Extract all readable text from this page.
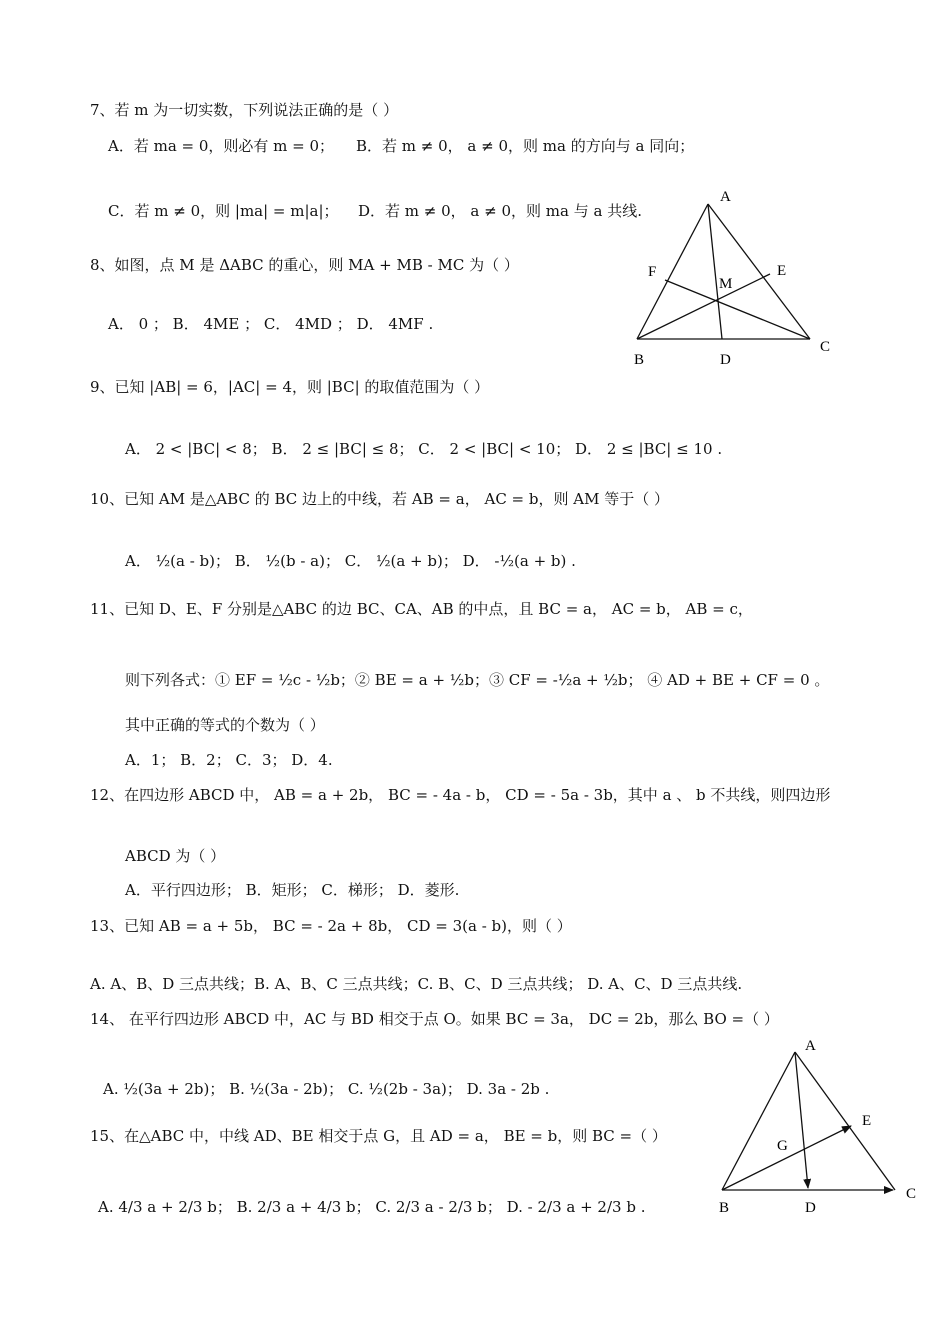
7、若 m 为一切实数，下列说法正确的是（ ）
A．若 ma = 0，则必有 m = 0； B．若 m ≠ 0， a ≠ 0，则 ma 的方向与 a 同向；
C．若 m ≠ 0，则 |ma| = m|a|； D．若 m ≠ 0， a ≠ 0，则 ma 与 a 共线.
8、如图，点 M 是 ΔABC 的重心，则 MA + MB - MC 为（ ）
A． 0 ； B． 4ME ； C． 4MD ； D． 4MF .
9、已知 |AB| = 6，|AC| = 4，则 |BC| 的取值范围为（ ）
A． 2 < |BC| < 8； B． 2 ≤ |BC| ≤ 8； C． 2 < |BC| < 10； D． 2 ≤ |BC| ≤ 10 .
10、已知 AM 是△ABC 的 BC 边上的中线，若 AB = a， AC = b，则 AM 等于（ ）
A． ½(a - b)； B． ½(b - a)； C． ½(a + b)； D． -½(a + b) .
11、已知 D、E、F 分别是△ABC 的边 BC、CA、AB 的中点，且 BC = a， AC = b， AB = c，
则下列各式：① EF = ½c - ½b；② BE = a + ½b；③ CF = -½a + ½b； ④ AD + BE + CF = 0 。
其中正确的等式的个数为（ ）
A．1； B．2； C．3； D．4.
12、在四边形 ABCD 中， AB = a + 2b， BC = - 4a - b， CD = - 5a - 3b，其中 a 、 b 不共线，则四边形
ABCD 为（ ）
A．平行四边形； B．矩形； C．梯形； D．菱形.
13、已知 AB = a + 5b， BC = - 2a + 8b， CD = 3(a - b)，则（ ）
A. A、B、D 三点共线；B. A、B、C 三点共线；C. B、C、D 三点共线； D. A、C、D 三点共线.
14、 在平行四边形 ABCD 中，AC 与 BD 相交于点 O。如果 BC = 3a， DC = 2b，那么 BO =（ ）
A. ½(3a + 2b)； B. ½(3a - 2b)； C. ½(2b - 3a)； D. 3a - 2b .
15、在△ABC 中，中线 AD、BE 相交于点 G，且 AD = a， BE = b，则 BC =（ ）
A. 4/3 a + 2/3 b； B. 2/3 a + 4/3 b； C. 2/3 a - 2/3 b； D. - 2/3 a + 2/3 b .
A
B
C
D
E
F
M
A
B
C
D
E
G
